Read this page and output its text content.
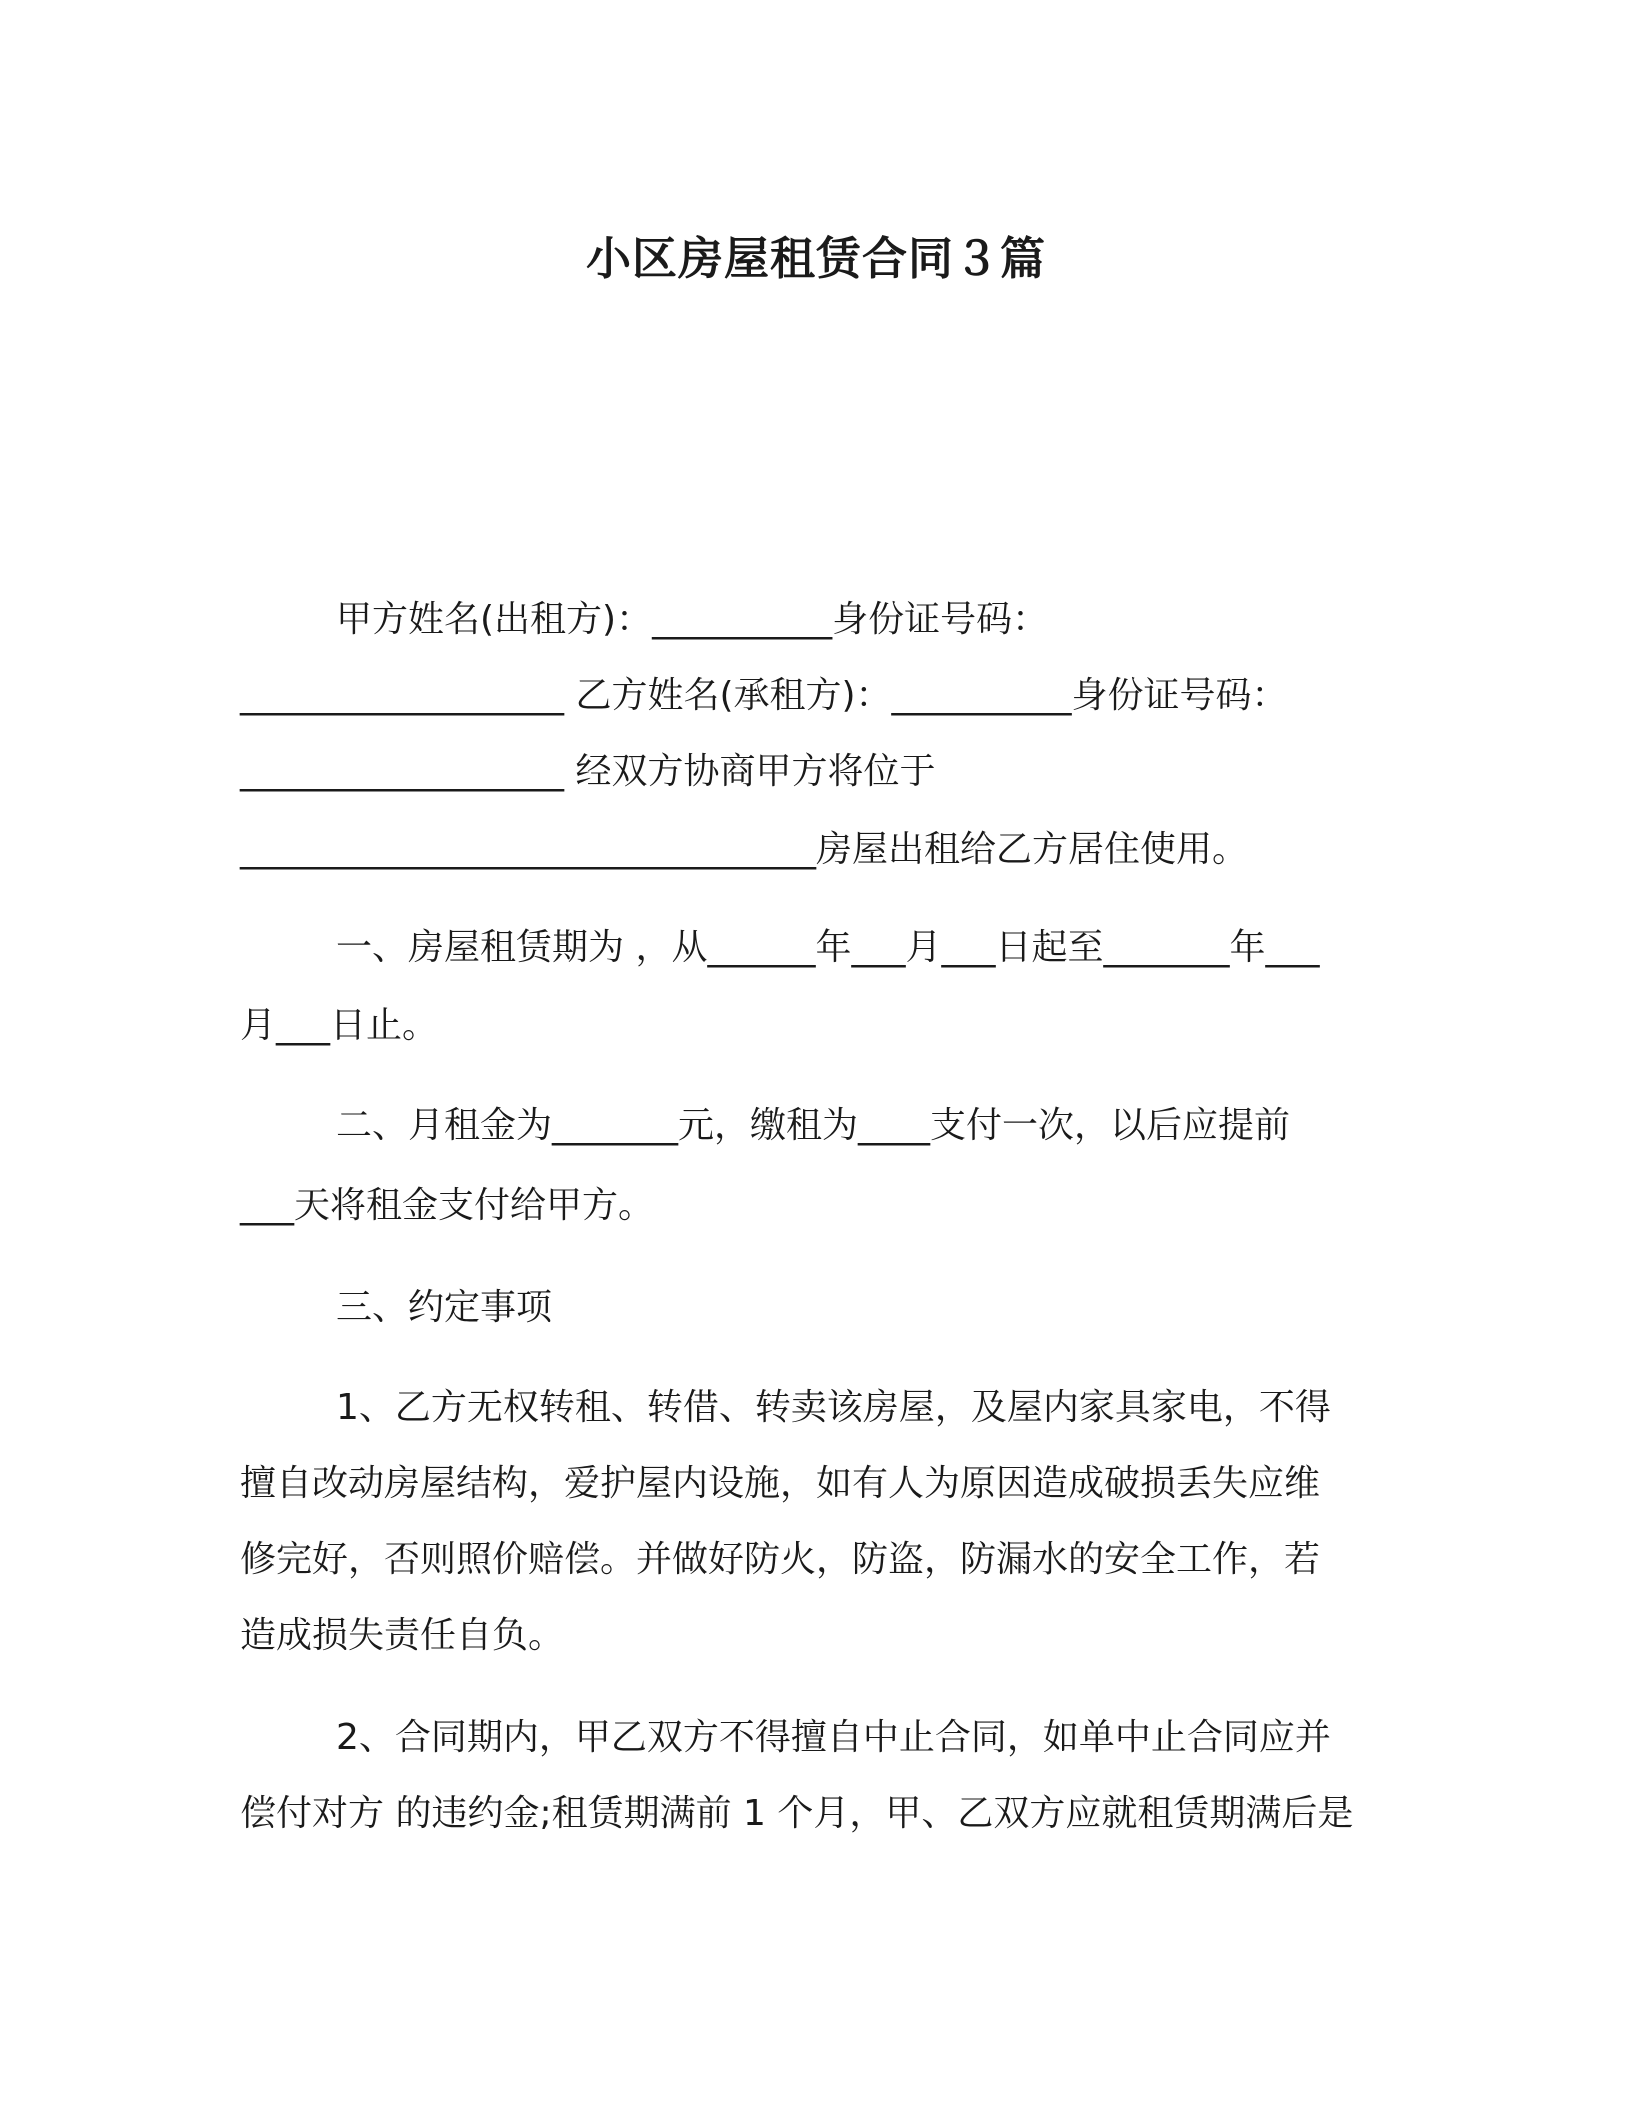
小区房屋租赁合同３篇
甲方姓名(出租方)：__________身份证号码：
__________________ 乙方姓名(承租方)：__________身份证号码：
__________________ 经双方协商甲方将位于
________________________________房屋出租给乙方居住使用。
一、房屋租赁期为 ，从______年___月___日起至_______年___
月___日止。
二、月租金为_______元，缴租为____支付一次，以后应提前
___天将租金支付给甲方。
三、约定事项
1、乙方无权转租、转借、转卖该房屋，及屋内家具家电，不得
擅自改动房屋结构，爱护屋内设施，如有人为原因造成破损丢失应维
修完好，否则照价赔偿。并做好防火，防盗，防漏水的安全工作，若
造成损失责任自负。
2、合同期内，甲乙双方不得擅自中止合同，如单中止合同应并
偿付对方 的违约金;租赁期满前 1 个月，甲、乙双方应就租赁期满后是
